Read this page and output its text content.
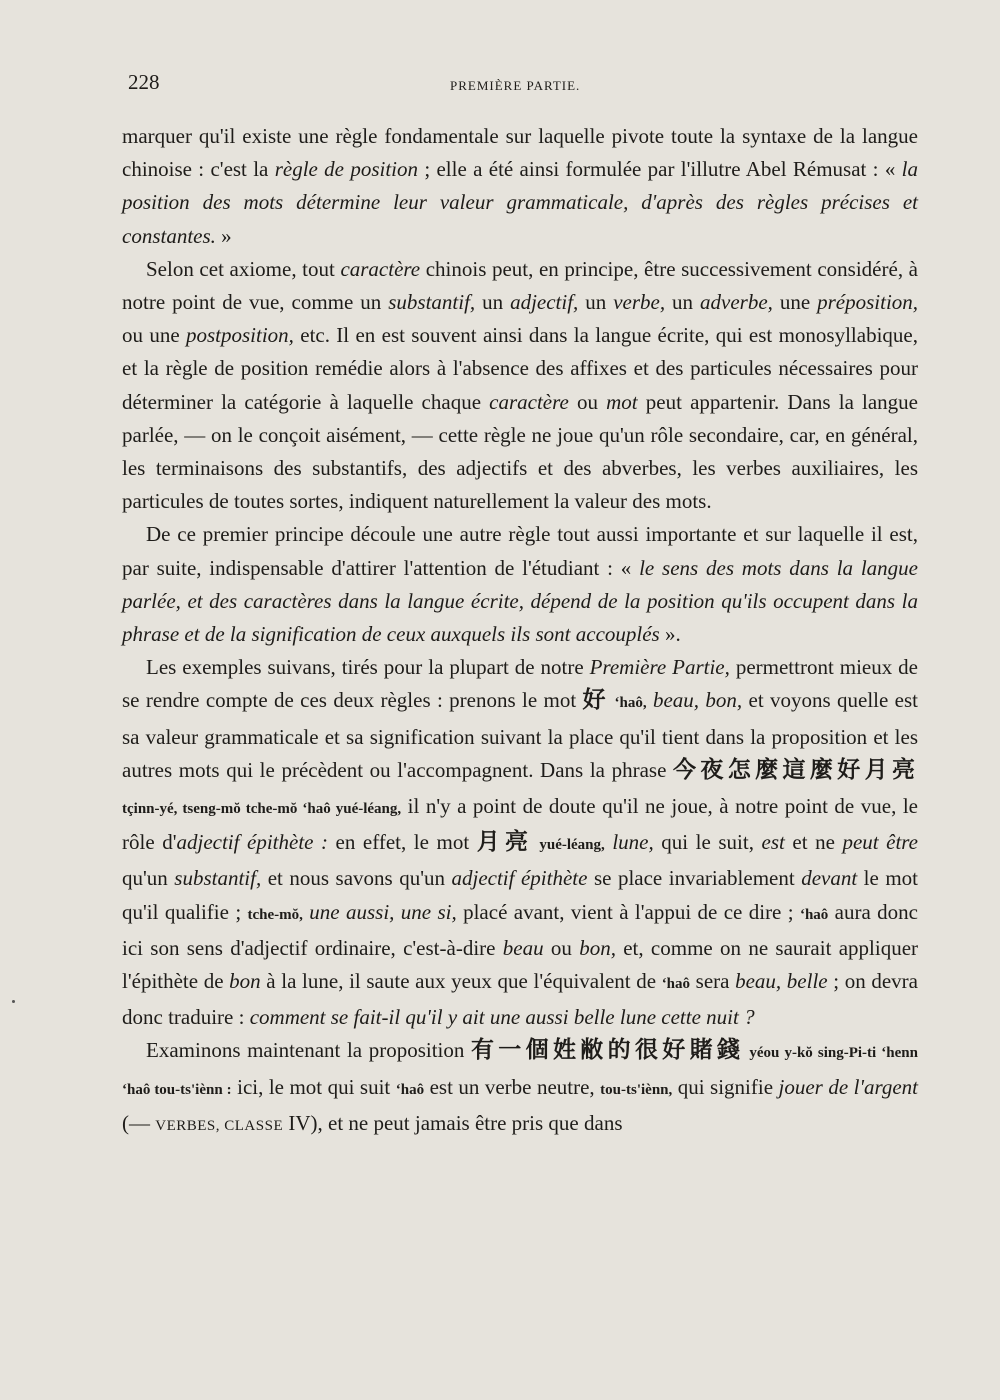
228	PREMIÈRE PARTIE.

marquer qu'il existe une règle fondamentale sur laquelle pivote toute la syntaxe de la langue chinoise : c'est la règle de position ; elle a été ainsi formulée par l'illutre Abel Rémusat : « la position des mots détermine leur valeur grammaticale, d'après des règles précises et constantes. »

Selon cet axiome, tout caractère chinois peut, en principe, être successivement considéré, à notre point de vue, comme un substantif, un adjectif, un verbe, un adverbe, une préposition, ou une postposition, etc. Il en est souvent ainsi dans la langue écrite, qui est monosyllabique, et la règle de position remédie alors à l'absence des affixes et des particules nécessaires pour déterminer la catégorie à laquelle chaque caractère ou mot peut appartenir. Dans la langue parlée, — on le conçoit aisément, — cette règle ne joue qu'un rôle secondaire, car, en général, les terminaisons des substantifs, des adjectifs et des abverbes, les verbes auxiliaires, les particules de toutes sortes, indiquent naturellement la valeur des mots.

De ce premier principe découle une autre règle tout aussi importante et sur laquelle il est, par suite, indispensable d'attirer l'attention de l'étudiant : « le sens des mots dans la langue parlée, et des caractères dans la langue écrite, dépend de la position qu'ils occupent dans la phrase et de la signification de ceux auxquels ils sont accouplés ».

Les exemples suivans, tirés pour la plupart de notre Première Partie, permettront mieux de se rendre compte de ces deux règles : prenons le mot 好 ʻhaô, beau, bon, et voyons quelle est sa valeur grammaticale et sa signification suivant la place qu'il tient dans la proposition et les autres mots qui le précèdent ou l'accompagnent. Dans la phrase 今夜怎麼這麼好月亮 tçinn-yé, tseng-mŏ tche-mŏ ʻhaô yué-léang, il n'y a point de doute qu'il ne joue, à notre point de vue, le rôle d'adjectif épithète : en effet, le mot 月亮 yué-léang, lune, qui le suit, est et ne peut être qu'un substantif, et nous savons qu'un adjectif épithète se place invariablement devant le mot qu'il qualifie ; tche-mŏ, une aussi, une si, placé avant, vient à l'appui de ce dire ; ʻhaô aura donc ici son sens d'adjectif ordinaire, c'est-à-dire beau ou bon, et, comme on ne saurait appliquer l'épithète de bon à la lune, il saute aux yeux que l'équivalent de ʻhaô sera beau, belle ; on devra donc traduire : comment se fait-il qu'il y ait une aussi belle lune cette nuit ?

Examinons maintenant la proposition 有一個姓敝的很好賭錢 yéou y-kŏ sing-Pi-ti ʻhenn ʻhaô tou-ts'iènn : ici, le mot qui suit ʻhaô est un verbe neutre, tou-ts'iènn, qui signifie jouer de l'argent (— VERBES, CLASSE IV), et ne peut jamais être pris que dans
